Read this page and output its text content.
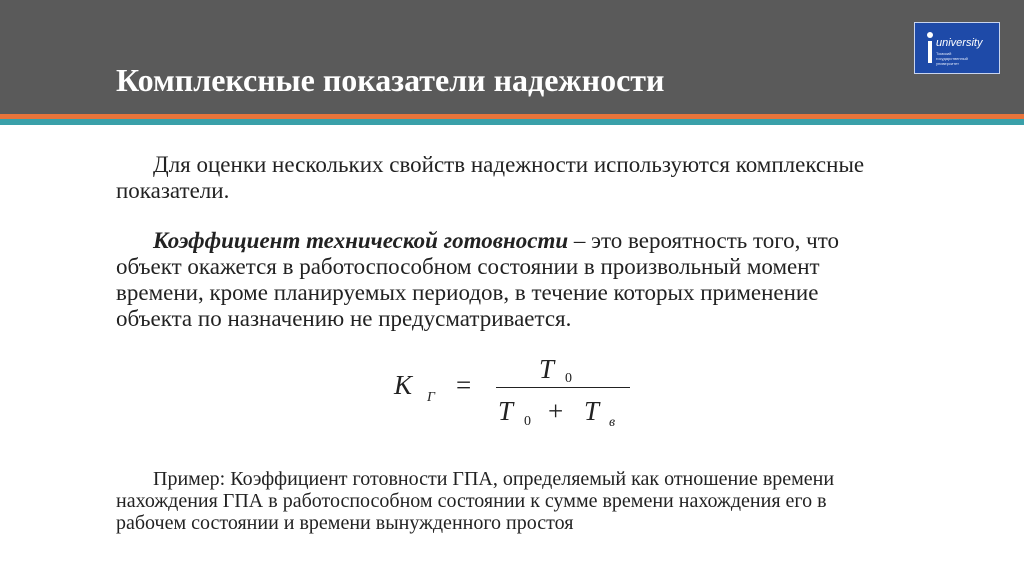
Комплексные показатели надежности
university
Томский
государственный
университет

Для оценки нескольких свойств надежности используются комплексные показатели.

Коэффициент технической готовности – это вероятность того, что объект окажется в работоспособном состоянии в произвольный момент времени, кроме планируемых периодов, в течение которых применение объекта по назначению не предусматривается.

К Г =
Т 0
Т 0 + Т в

Пример: Коэффициент готовности ГПА, определяемый как отношение времени нахождения ГПА в работоспособном состоянии к сумме времени нахождения его в рабочем состоянии и времени вынужденного простоя
